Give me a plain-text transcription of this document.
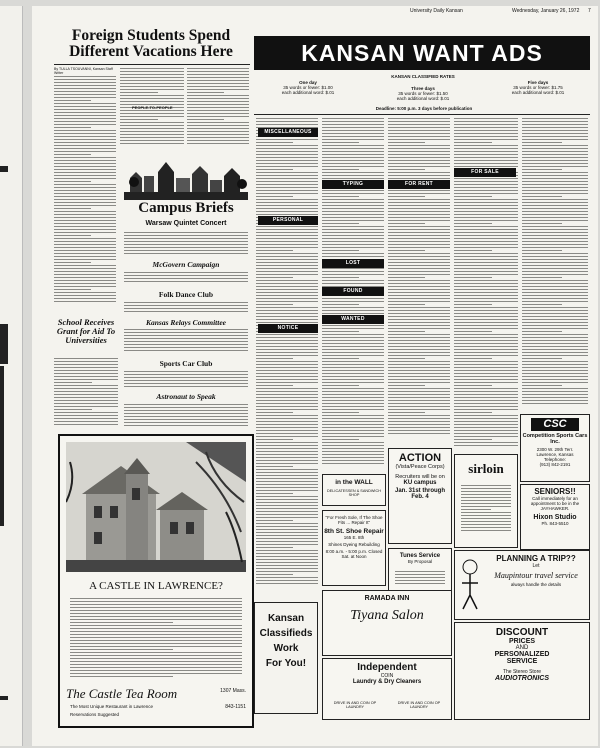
University Daily Kansan	Wednesday, January 26, 1972 7
Foreign Students Spend Different Vacations Here
By TULLA TSOUVANNI, Kansan Staff Writer
PEOPLE-TO-PEOPLE
School Receives Grant for Aid To Universities
Campus Briefs
Warsaw Quintet Concert
McGovern Campaign
Folk Dance Club
Kansas Relays Committee
Sports Car Club
Astronaut to Speak
A CASTLE IN LAWRENCE?
The Castle Tea Room
The Most Unique Restaurant in Lawrence
Reservations Suggested
1307 Mass.
843-1151
KANSAN WANT ADS
KANSAN CLASSIFIED RATES
One day
35 words or fewer: $1.00
each additional word: $.01
Three days
35 words or fewer: $1.50
each additional word: $.01
Five days
35 words or fewer: $1.75
each additional word: $.01
Deadline: 5:00 p.m. 3 days before publication
MISCELLANEOUS
PERSONAL
NOTICE
TYPING
LOST
FOUND
WANTED
FOR RENT
FOR SALE
CSC
Competition Sports Cars Inc.
2300 W. 29th Terr.
Lawrence, Kansas
Telephone:
(913) 842-2191
ACTION
(Vista/Peace Corps)
Recruiters will be on
KU campus
Jan. 31st through Feb. 4
sirloin
SENIORS!!
Call immediately for an appointment to be in the JAYHAWKER.
Hixon Studio
Ph. 843-5510
in the WALL
DELICATESSEN & SANDWICH SHOP
"For Fresh Sole, If The Shoe Fits ... Repair It"
8th St. Shoe Repair
165 E. 8th
Shines Dyeing Rebuilding
8:00 a.m. - 5:00 p.m. Closed Sat. at Noon	Tunes Service
By Proposal	PLANNING A TRIP??
Let
Maupintour travel service
always handle the details
RAMADA INN
Tiyana Salon
Kansan
Classifieds
Work
For You!	Independent
COIN
Laundry & Dry Cleaners
DRIVE IN AND COIN OP LAUNDRY
DRIVE IN AND COIN OP LAUNDRY
DISCOUNT
PRICES
AND
PERSONALIZED
SERVICE
The Stereo Store
AUDIOTRONICS
